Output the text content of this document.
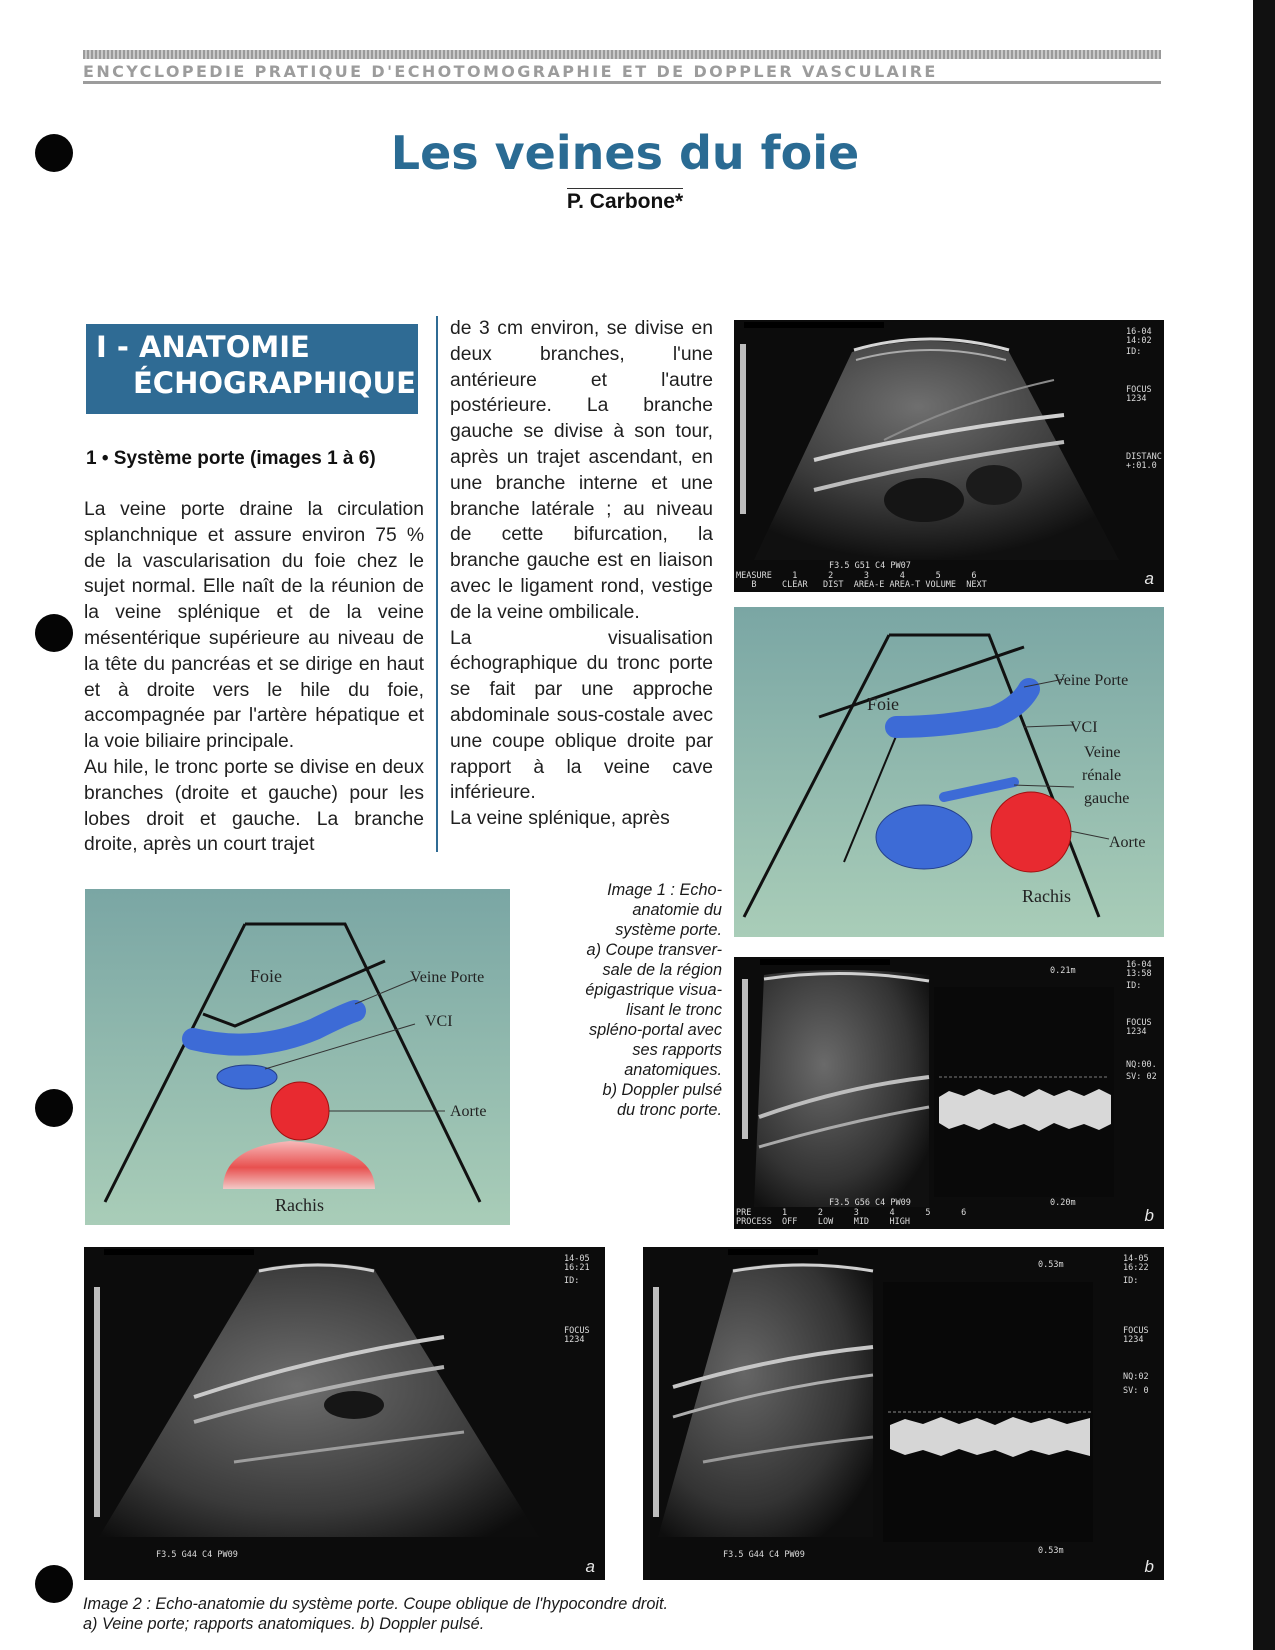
ENCYCLOPEDIE PRATIQUE D'ECHOTOMOGRAPHIE ET DE DOPPLER VASCULAIRE
Les veines du foie
P. Carbone*
I - ANATOMIE
ÉCHOGRAPHIQUE
1 • Système porte (images 1 à 6)

La veine porte draine la circulation splanchnique et assure environ 75 % de la vascularisation du foie chez le sujet normal. Elle naît de la réunion de la veine splénique et de la veine mésentérique supérieure au niveau de la tête du pancréas et se dirige en haut et à droite vers le hile du foie, accompagnée par l'artère hépatique et la voie biliaire principale.

Au hile, le tronc porte se divise en deux branches (droite et gauche) pour les lobes droit et gauche. La branche droite, après un court trajet

de 3 cm environ, se divise en deux branches, l'une antérieure et l'autre postérieure. La branche gauche se divise à son tour, après un trajet ascendant, en une branche interne et une branche latérale ; au niveau de cette bifurcation, la branche gauche est en liaison avec le ligament rond, vestige de la veine ombilicale.

La visualisation échographique du tronc porte se fait par une approche abdominale sous-costale avec une coupe oblique droite par rapport à la veine cave inférieure.

La veine splénique, après

16-04
14:02
ID:
FOCUS
1234
DISTANC
+:01.0
F3.5 G51 C4 PW07
MEASURE    1      2      3      4      5      6
B     CLEAR   DIST  AREA-E AREA-T VOLUME  NEXT	a
Foie
Veine Porte
VCI
Veine
rénale
gauche
Aorte
Rachis
Foie	Veine Porte
VCI
Aorte
Rachis
Image 1 : Echo-
anatomie du
système porte.
a) Coupe transver-
sale de la région
épigastrique visua-
lisant le tronc
spléno-portal avec
ses rapports
anatomiques.
b) Doppler pulsé
du tronc porte.
0.21m
16-04
13:58
ID:
FOCUS
1234
NQ:00.
SV: 02
0.20m
F3.5 G56 C4 PW09
PRE      1      2      3      4      5      6
PROCESS  OFF    LOW    MID    HIGH	b
14-05
16:21
ID:
FOCUS
1234
F3.5 G44 C4 PW09
a
0.53m
14-05
16:22
ID:
FOCUS
1234
NQ:02
SV: 0
0.53m
F3.5 G44 C4 PW09
b
Image 2 : Echo-anatomie du système porte. Coupe oblique de l'hypocondre droit.
a) Veine porte; rapports anatomiques. b) Doppler pulsé.
